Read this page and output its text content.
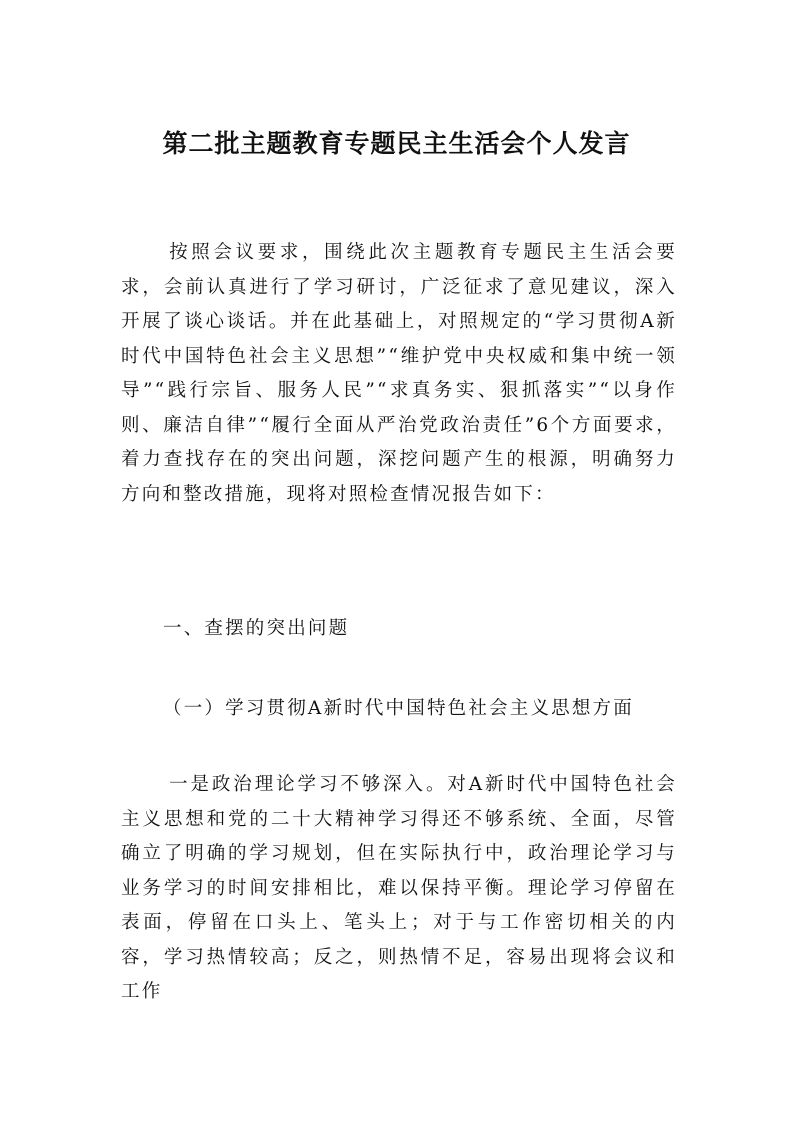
第二批主题教育专题民主生活会个人发言

按照会议要求，围绕此次主题教育专题民主生活会要求，会前认真进行了学习研讨，广泛征求了意见建议，深入开展了谈心谈话。并在此基础上，对照规定的“学习贯彻A新时代中国特色社会主义思想”“维护党中央权威和集中统一领导”“践行宗旨、服务人民”“求真务实、狠抓落实”“以身作则、廉洁自律”“履行全面从严治党政治责任”6个方面要求，着力查找存在的突出问题，深挖问题产生的根源，明确努力方向和整改措施，现将对照检查情况报告如下：

一、查摆的突出问题

（一）学习贯彻A新时代中国特色社会主义思想方面

一是政治理论学习不够深入。对A新时代中国特色社会主义思想和党的二十大精神学习得还不够系统、全面，尽管确立了明确的学习规划，但在实际执行中，政治理论学习与业务学习的时间安排相比，难以保持平衡。理论学习停留在表面，停留在口头上、笔头上；对于与工作密切相关的内容，学习热情较高；反之，则热情不足，容易出现将会议和工作
